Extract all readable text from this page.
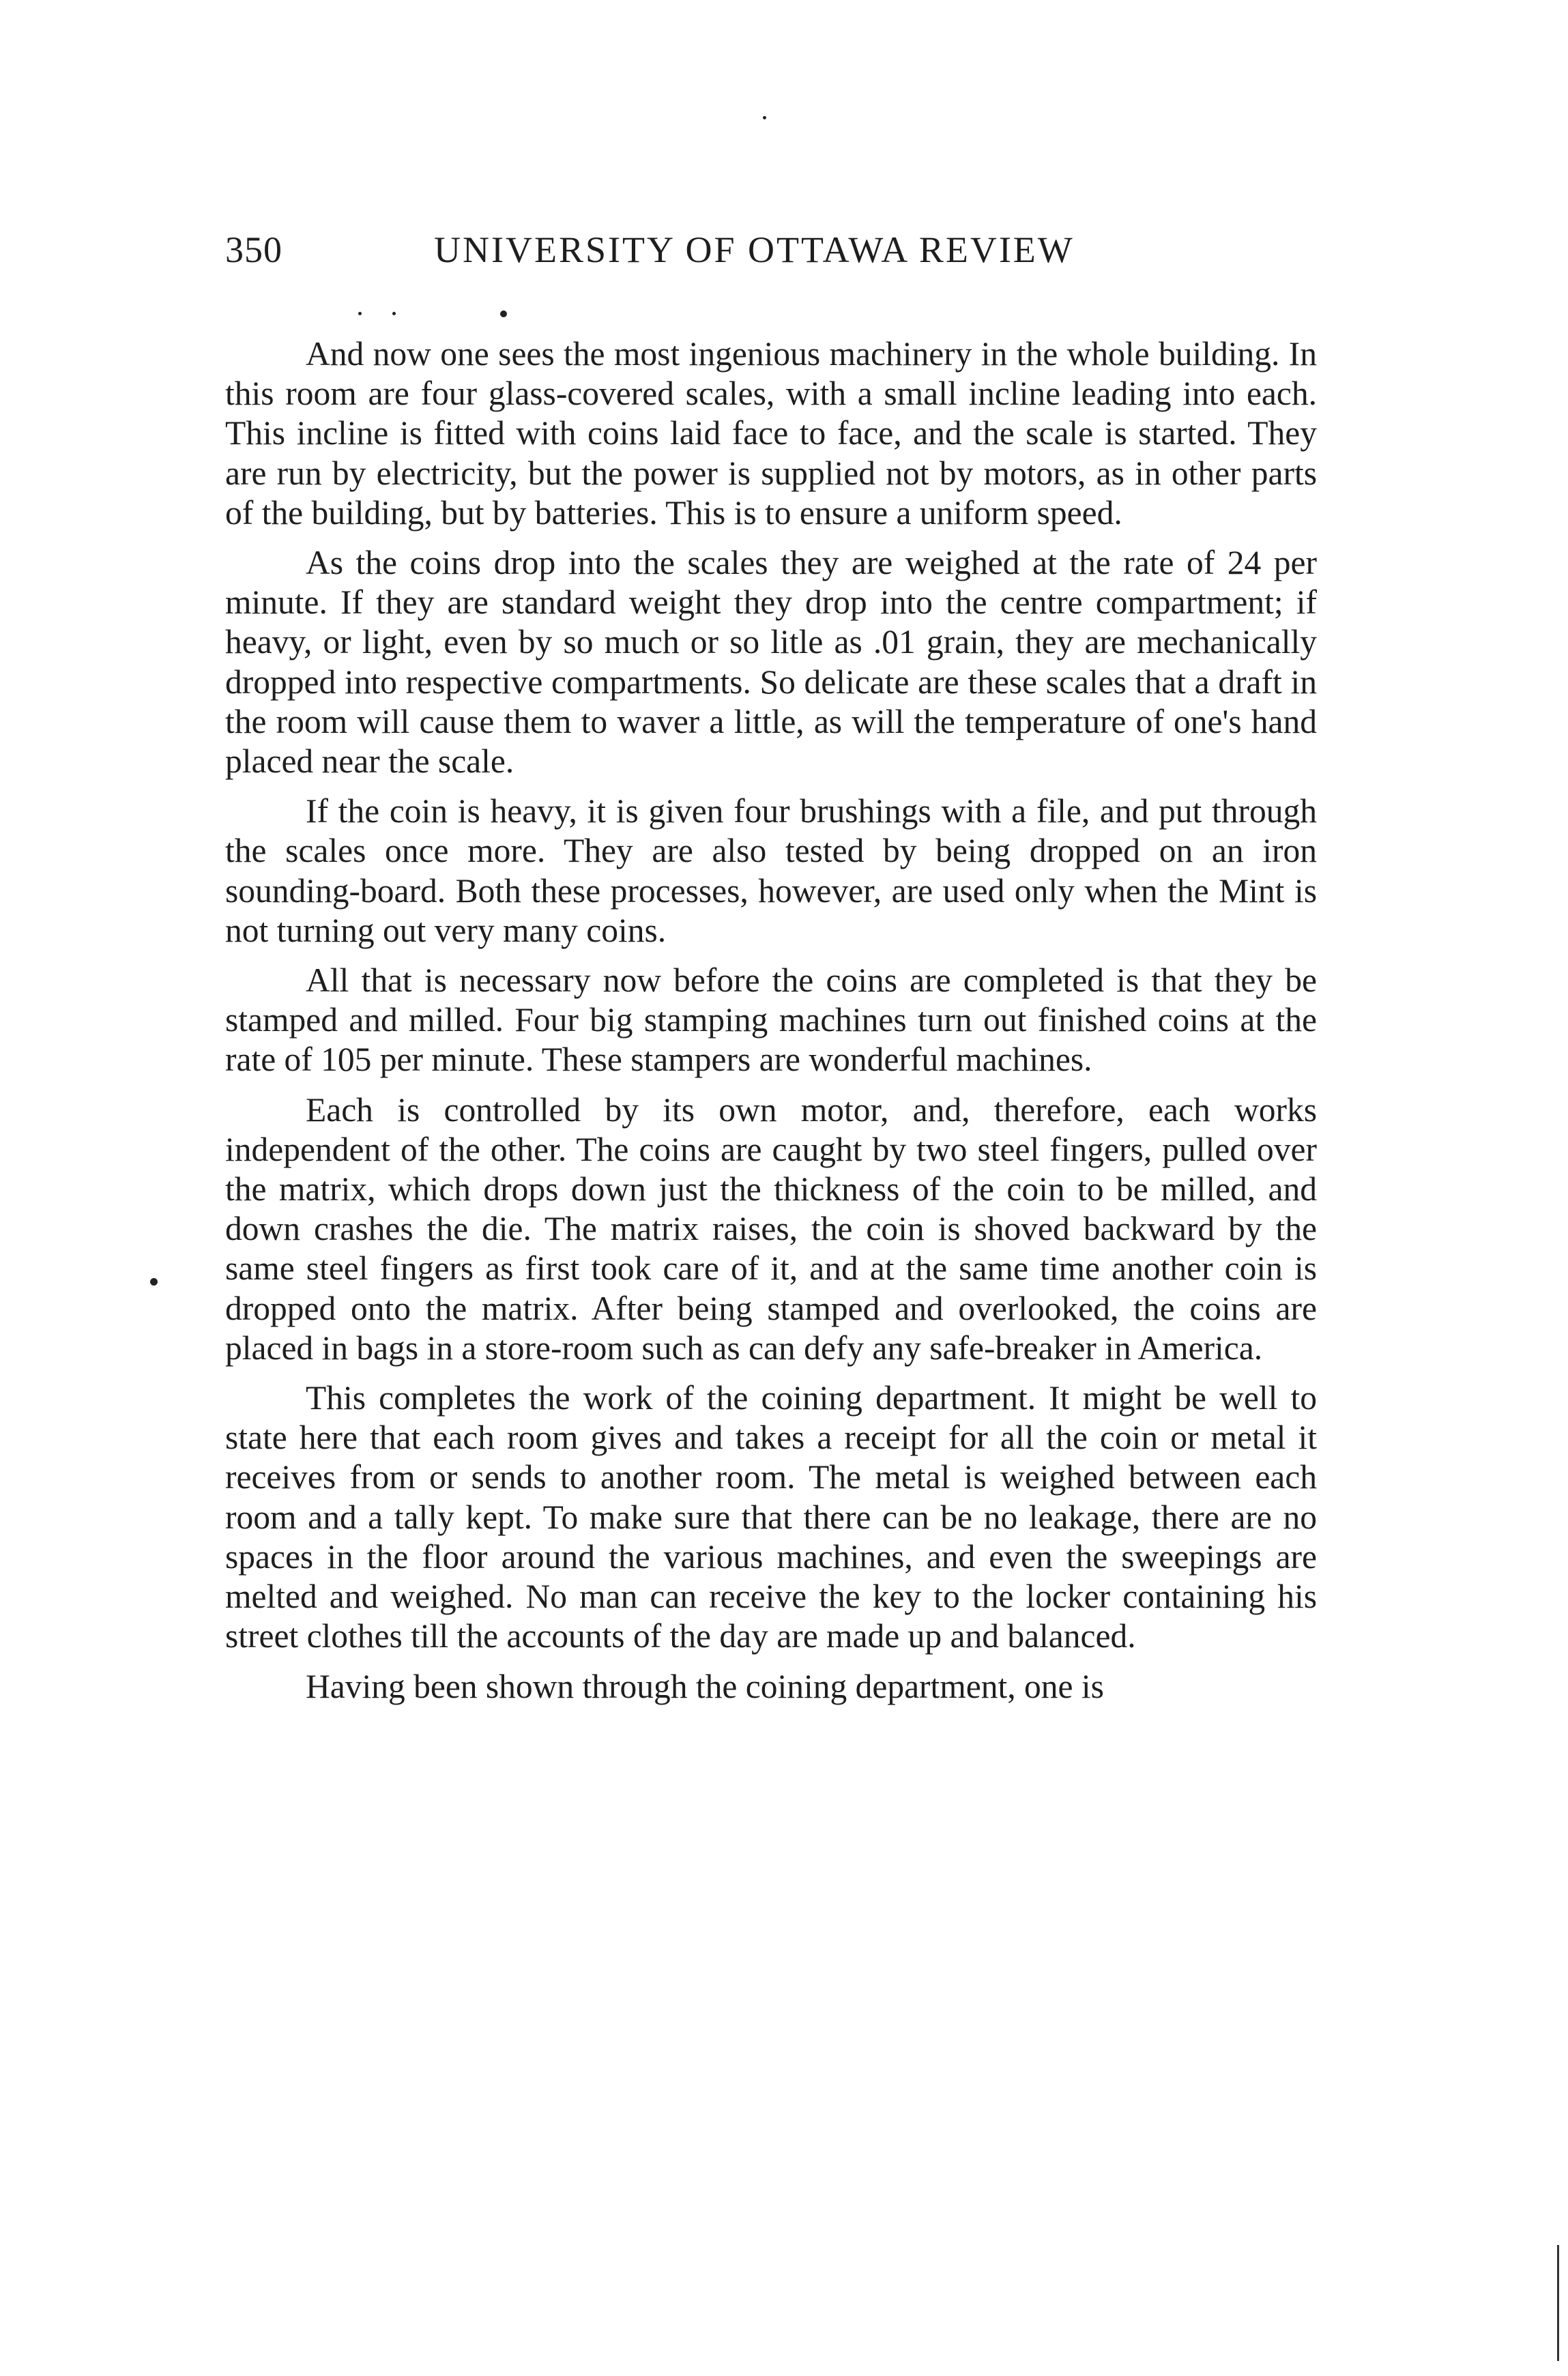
350	UNIVERSITY OF OTTAWA REVIEW

And now one sees the most ingenious machinery in the whole building. In this room are four glass-covered scales, with a small incline leading into each. This incline is fitted with coins laid face to face, and the scale is started. They are run by electricity, but the power is supplied not by motors, as in other parts of the building, but by batteries. This is to ensure a uniform speed.

As the coins drop into the scales they are weighed at the rate of 24 per minute. If they are standard weight they drop into the centre compartment; if heavy, or light, even by so much or so litle as .01 grain, they are mechanically dropped into respective compartments. So delicate are these scales that a draft in the room will cause them to waver a little, as will the temperature of one's hand placed near the scale.

If the coin is heavy, it is given four brushings with a file, and put through the scales once more. They are also tested by being dropped on an iron sounding-board. Both these processes, however, are used only when the Mint is not turning out very many coins.

All that is necessary now before the coins are completed is that they be stamped and milled. Four big stamping machines turn out finished coins at the rate of 105 per minute. These stampers are wonderful machines.

Each is controlled by its own motor, and, therefore, each works independent of the other. The coins are caught by two steel fingers, pulled over the matrix, which drops down just the thickness of the coin to be milled, and down crashes the die. The matrix raises, the coin is shoved backward by the same steel fingers as first took care of it, and at the same time another coin is dropped onto the matrix. After being stamped and overlooked, the coins are placed in bags in a store-room such as can defy any safe-breaker in America.

This completes the work of the coining department. It might be well to state here that each room gives and takes a receipt for all the coin or metal it receives from or sends to another room. The metal is weighed between each room and a tally kept. To make sure that there can be no leakage, there are no spaces in the floor around the various machines, and even the sweepings are melted and weighed. No man can receive the key to the locker containing his street clothes till the accounts of the day are made up and balanced.

Having been shown through the coining department, one is
